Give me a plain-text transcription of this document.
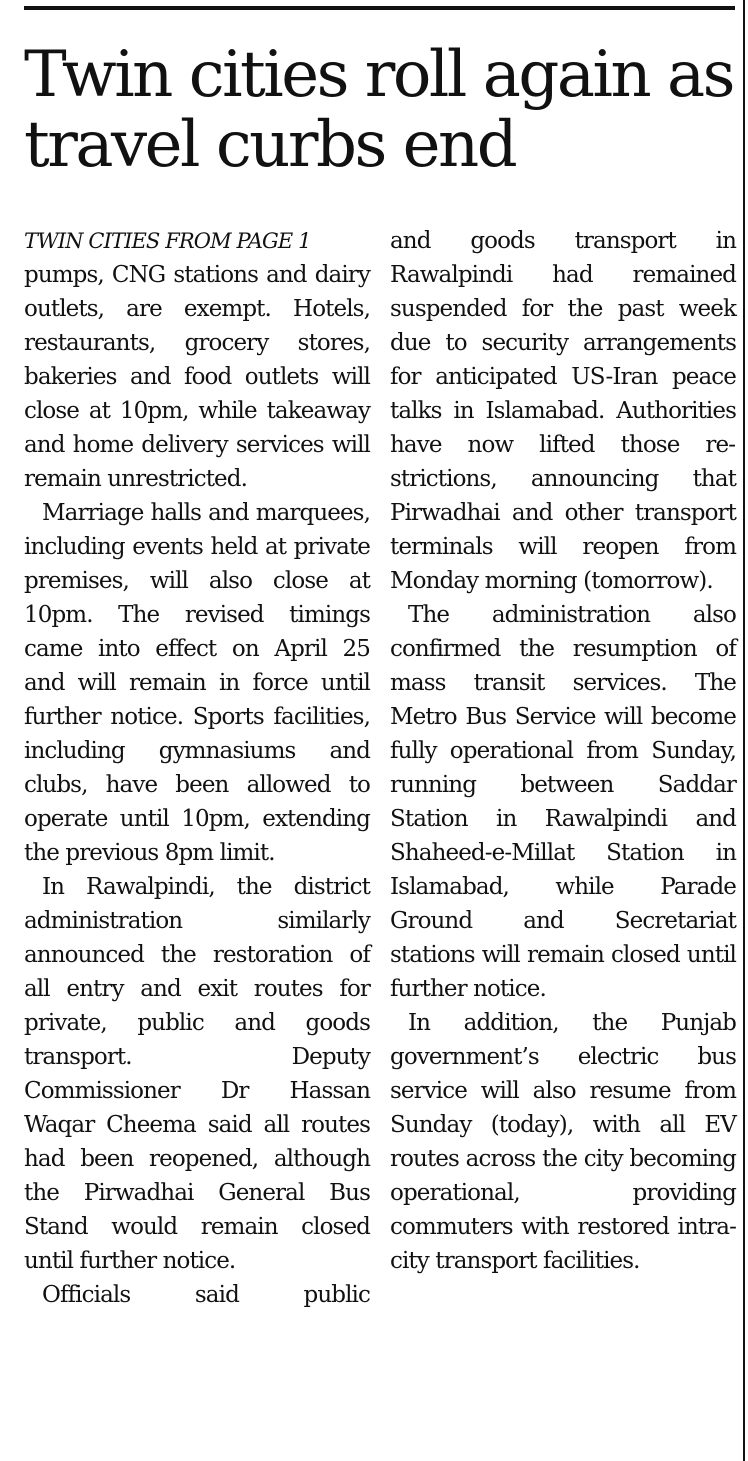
Twin cities roll again as travel curbs end

TWIN CITIES FROM PAGE 1
pumps, CNG stations and dairy outlets, are exempt. Hotels, restaurants, grocery stores, bakeries and food outlets will close at 10pm, while takeaway and home delivery services will remain unrestricted.

Marriage halls and marquees, including events held at private premises, will also close at 10pm. The revised timings came into effect on April 25 and will remain in force until further notice. Sports facilities, including gymnasiums and clubs, have been allowed to operate until 10pm, extending the previous 8pm limit.

In Rawalpindi, the district administration similarly announced the restoration of all entry and exit routes for private, public and goods transport. Deputy Commissioner Dr Hassan Waqar Cheema said all routes had been reopened, although the Pirwadhai General Bus Stand would remain closed until further notice.

Officials said public

and goods transport in Rawalpindi had remained suspended for the past week due to security arrangements for anticipated US-Iran peace talks in Islamabad. Authorities have now lifted those restrictions, announcing that Pirwadhai and other transport terminals will reopen from Monday morning (tomorrow).

The administration also confirmed the resumption of mass transit services. The Metro Bus Service will become fully operational from Sunday, running between Saddar Station in Rawalpindi and Shaheed-e-Millat Station in Islamabad, while Parade Ground and Secretariat stations will remain closed until further notice.

In addition, the Punjab government’s electric bus service will also resume from Sunday (today), with all EV routes across the city becoming operational, providing commuters with restored intra-city transport facilities.
